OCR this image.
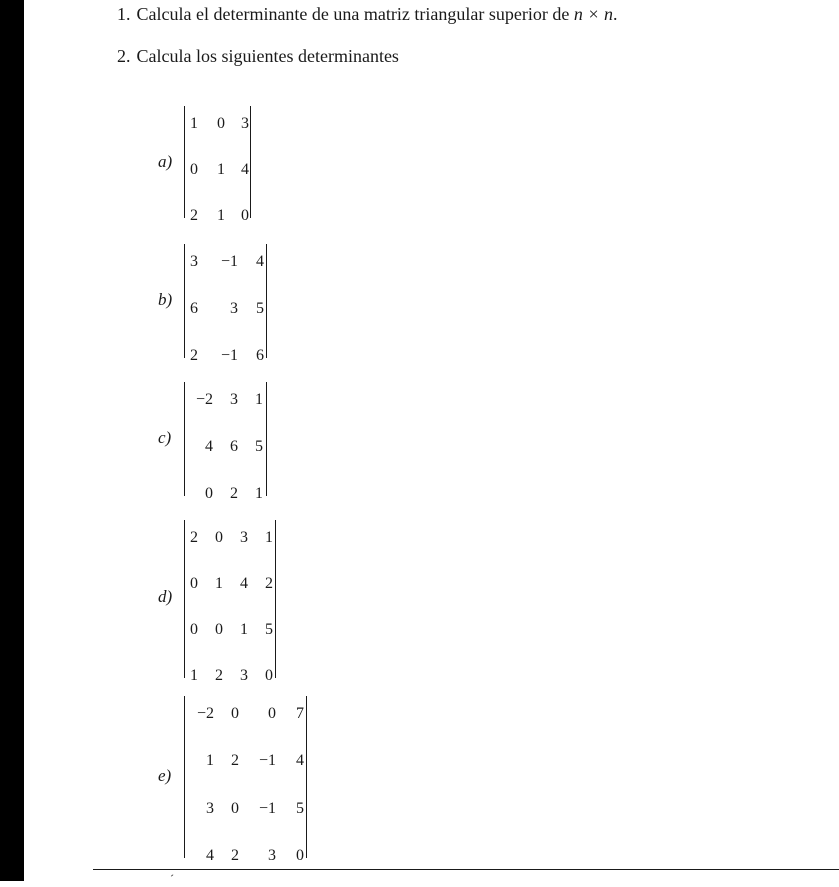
1. Calcula el determinante de una matriz triangular superior de n × n.
2. Calcula los siguientes determinantes
a)
1 0 3
0 1 4
2 1 0
b)
3 −1 4
6 3 5
2 −1 6
c)
−2 3 1
4 6 5
0 2 1
d)
2 0 3 1
0 1 4 2
0 0 1 5
1 2 3 0
e)
−2 0 0 7
1 2 −1 4
3 0 −1 5
4 2 3 0
´
